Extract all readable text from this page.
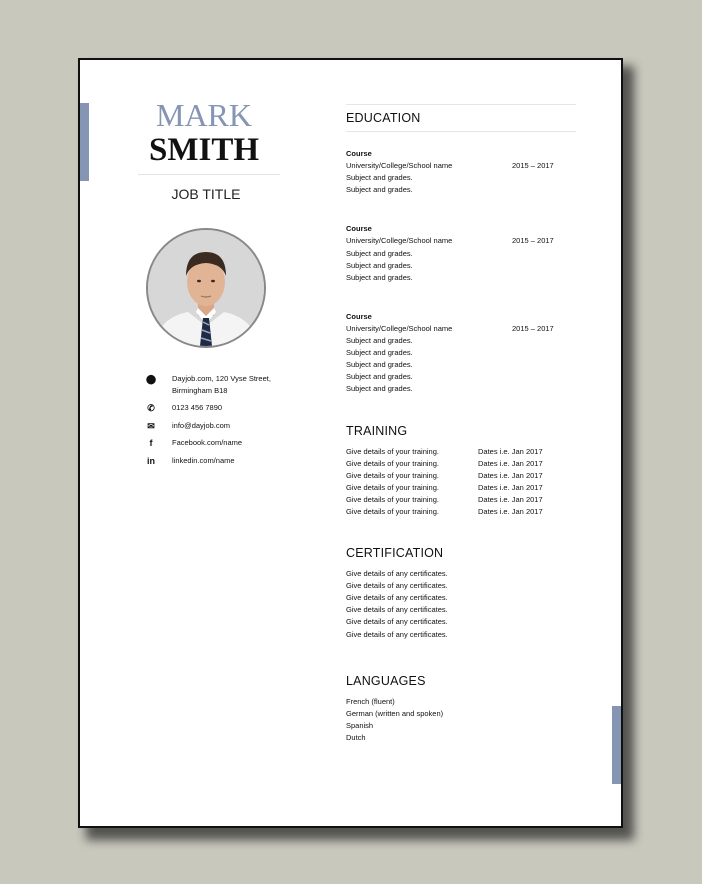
MARK
SMITH
JOB TITLE
⬤ Dayjob.com, 120 Vyse Street,
Birmingham B18
✆ 0123 456 7890
✉ info@dayjob.com
f	Facebook.com/name
in linkedin.com/name
EDUCATION
Course
University/College/School name	2015 – 2017
Subject and grades.
Subject and grades.
Course
University/College/School name	2015 – 2017
Subject and grades.
Subject and grades.
Subject and grades.
Course
University/College/School name	2015 – 2017
Subject and grades.
Subject and grades.
Subject and grades.
Subject and grades.
Subject and grades.
TRAINING
Give details of your training.	Dates i.e. Jan 2017
Give details of your training.	Dates i.e. Jan 2017
Give details of your training.	Dates i.e. Jan 2017
Give details of your training.	Dates i.e. Jan 2017
Give details of your training.	Dates i.e. Jan 2017
Give details of your training.	Dates i.e. Jan 2017
CERTIFICATION
Give details of any certificates.
Give details of any certificates.
Give details of any certificates.
Give details of any certificates.
Give details of any certificates.
Give details of any certificates.
LANGUAGES
French (fluent)
German (written and spoken)
Spanish
Dutch
